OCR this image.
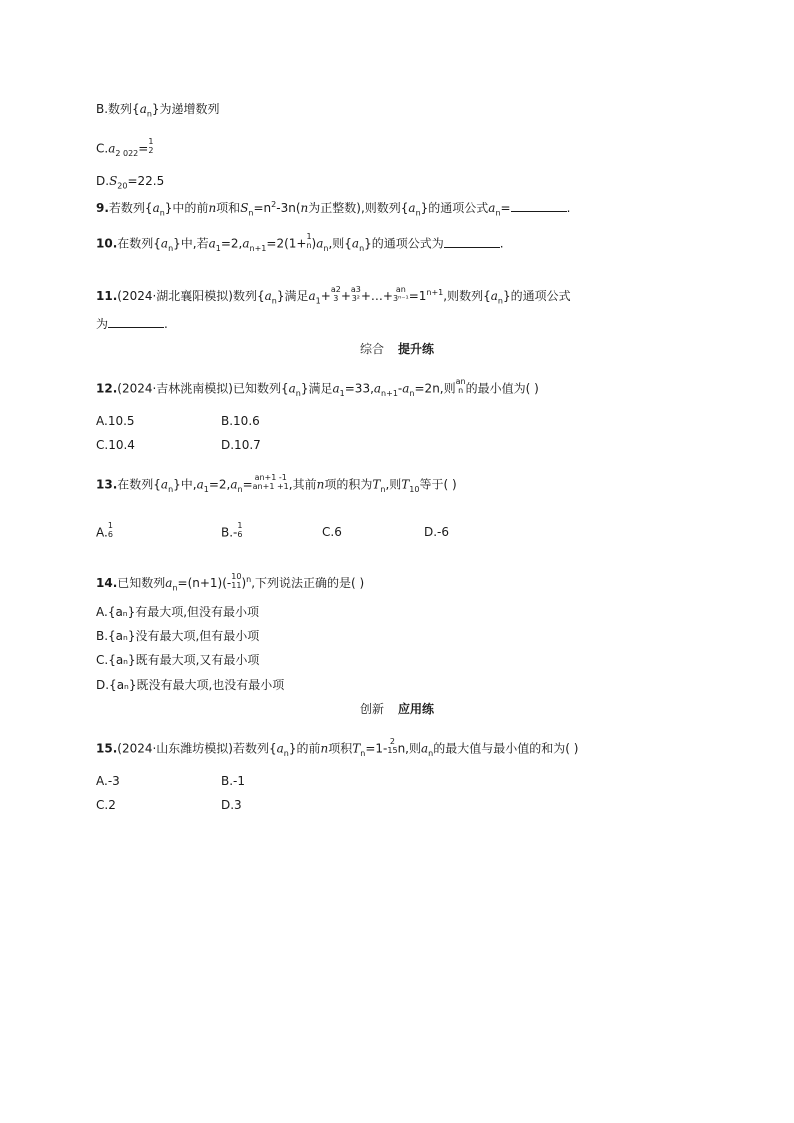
B.数列$\{a_n\}$为递增数列
$C.a_{2 022}= 1$
2
$D.S_{20}=22.5$
9.若数列$\{a_n\}$中的前n项和$S_n=n^2-3n(n$为正整数),则数列$\{a_n\}$的通项公式$a_n=$	.
10.在数列$\{a_n\}$中,若$a_1=2,a_{n+1}=2(1+ 1$
n )$a_n$,则$\{a_n\}$的通项公式为	.
11.(2024·湖北襄阳模拟)数列$\{a_n\}$满足$a_1+ a2$
3 + a3
3² +…+ an
$3^{n-1} =1^{n+1}$,则数列$\{a_n\}$的通项公式
为	.
综合 提升练
12.(2024·吉林洮南模拟)已知数列$\{a_n\}$满足$a_1=33,a_{n+1}-a_n=2n$,则 an
n 的最小值为( )
A.10.5	B.10.6
C.10.4	D.10.7
13.在数列$\{a_n\}$中$,a_1=2,a_n= an+1$ -1
an+1 +1 ,其前n项的积为$T_n$,则$T_{10}$等于( )
A. 1
6	B.- 1
6	C.6	D.-6
14.已知数列$a_n=(n+1)(-$ 10
11 )$^n$,下列说法正确的是( )
A.{aₙ}有最大项,但没有最小项
B.{aₙ}没有最大项,但有最小项
C.{aₙ}既有最大项,又有最小项
D.{aₙ}既没有最大项,也没有最小项
创新 应用练
15.(2024·山东潍坊模拟)若数列$\{a_n\}$的前n项积$T_n=1-$ 2
15 n,则$a_n$的最大值与最小值的和为( )
A.-3	B.-1
C.2	D.3
